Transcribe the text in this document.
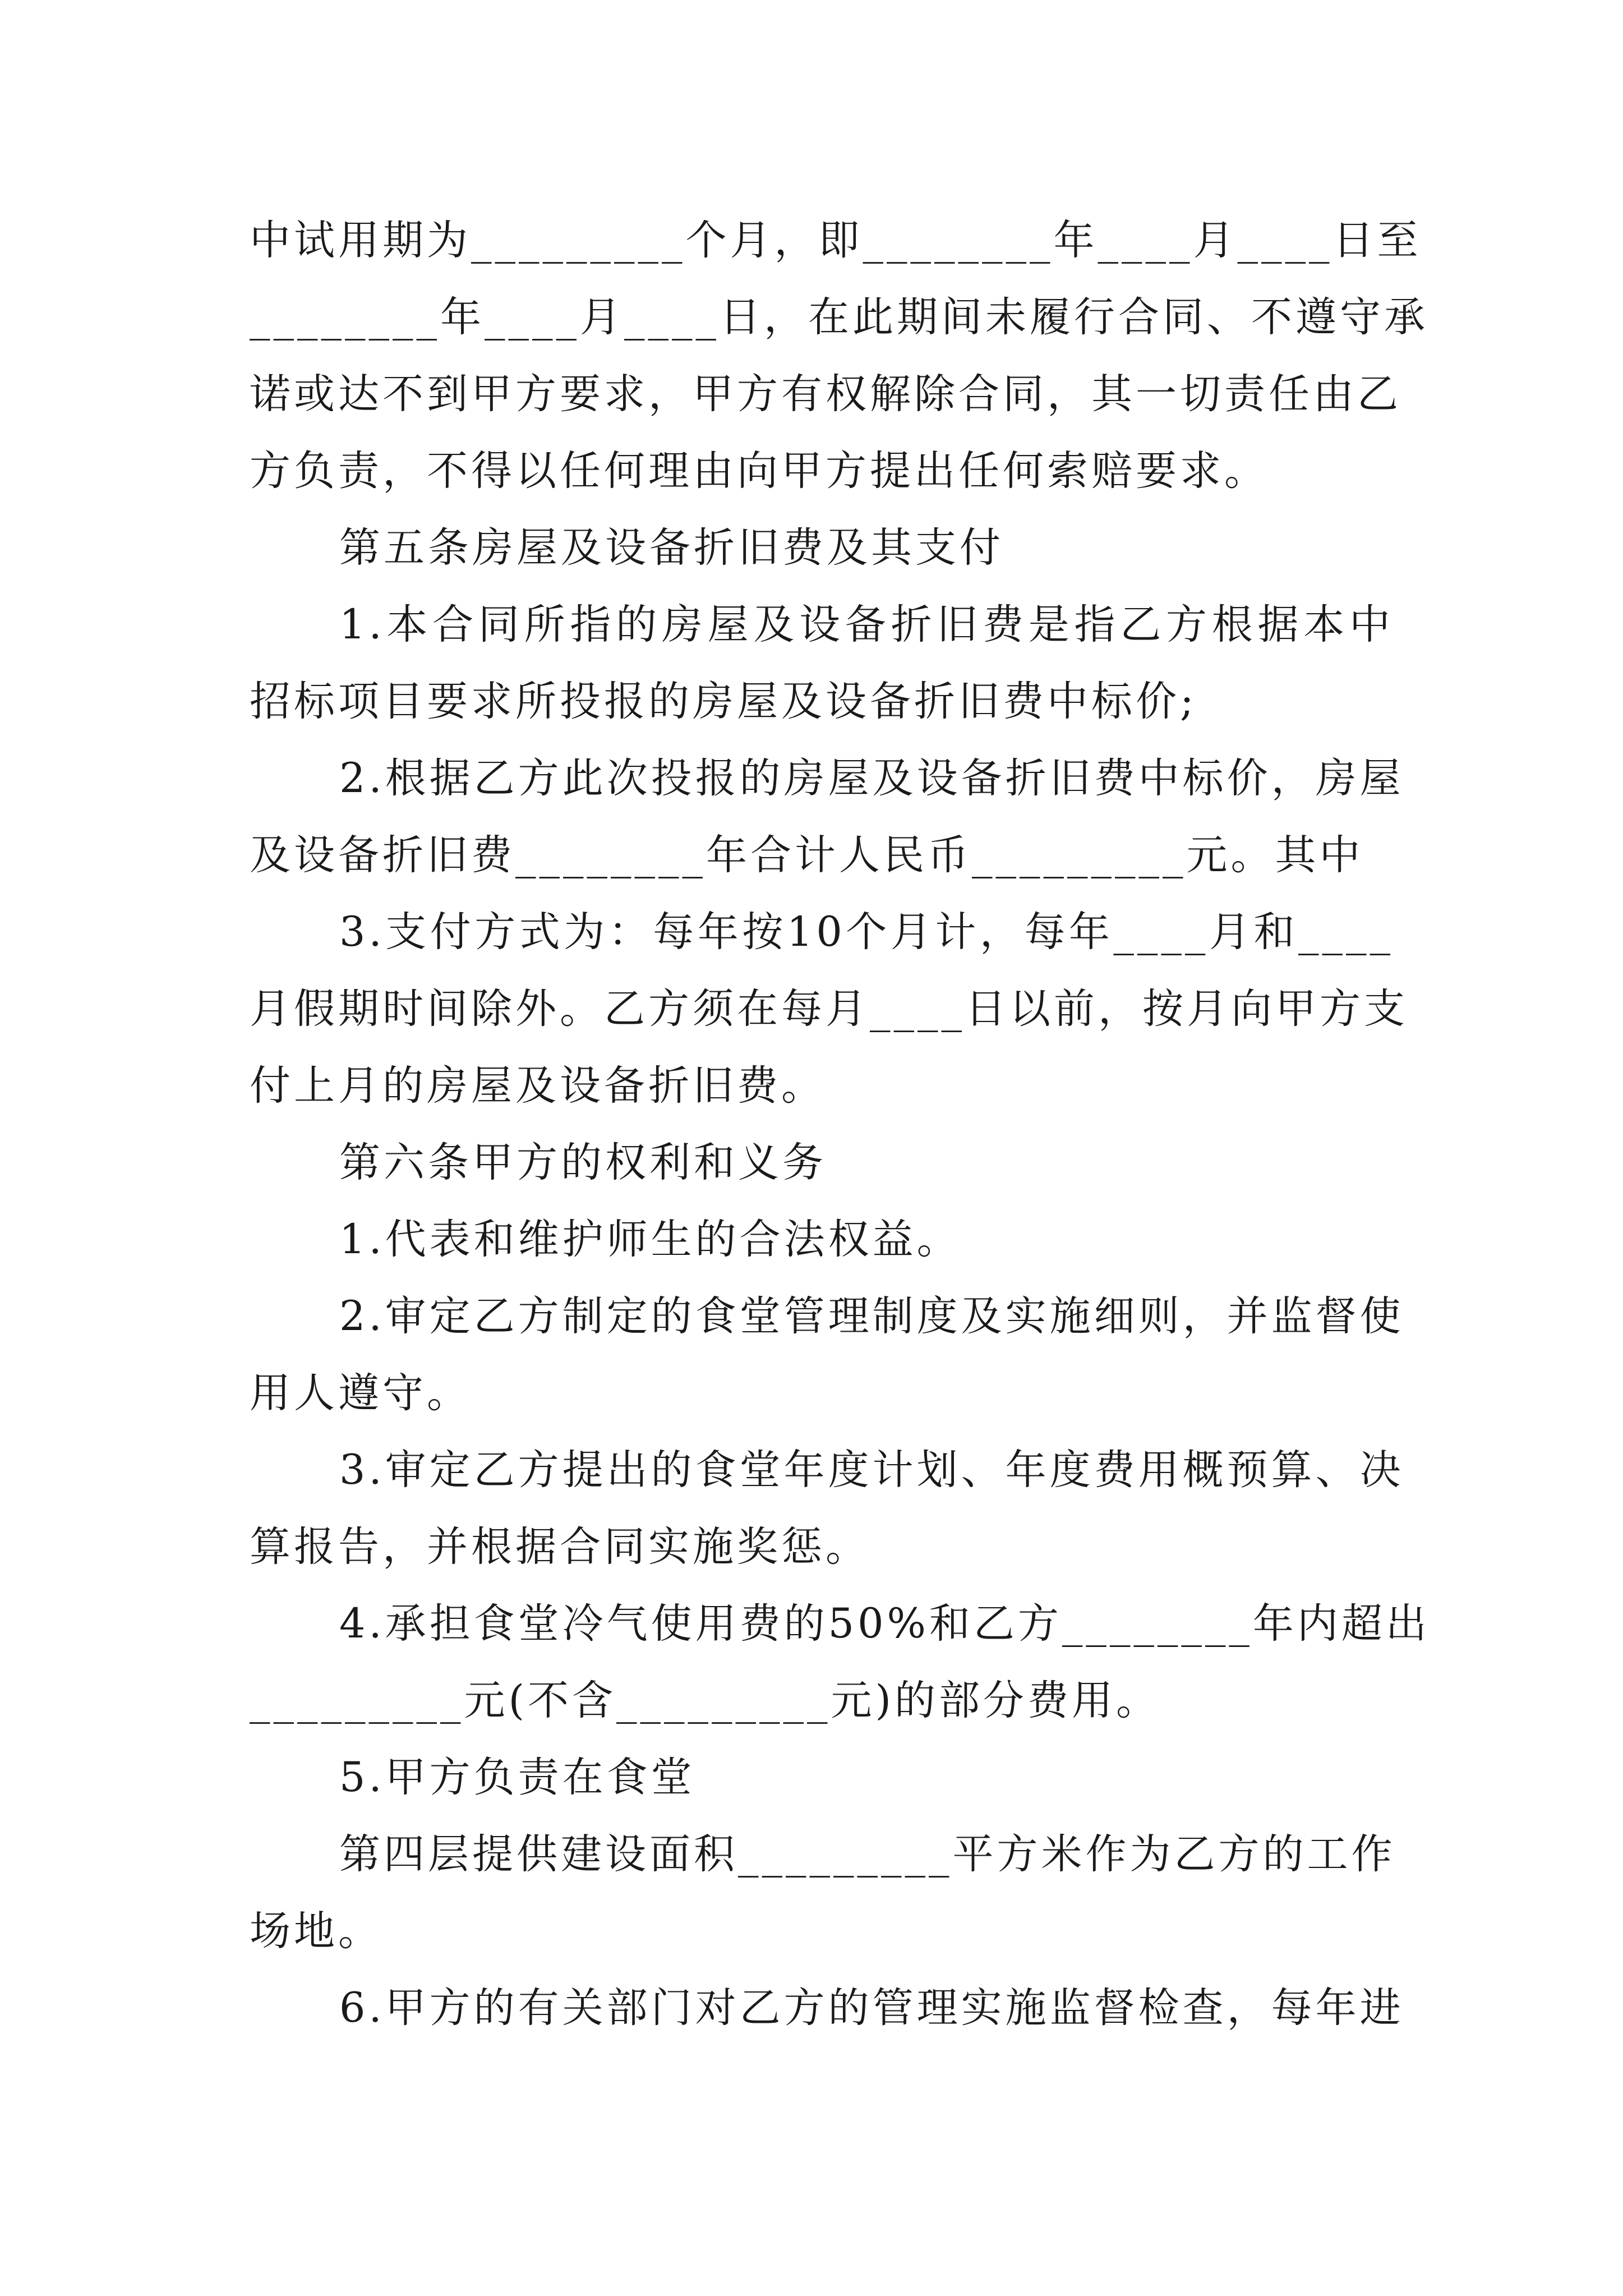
中试用期为_________个月，即________年____月____日至

________年____月____日，在此期间未履行合同、不遵守承

诺或达不到甲方要求，甲方有权解除合同，其一切责任由乙

方负责，不得以任何理由向甲方提出任何索赔要求。

第五条房屋及设备折旧费及其支付

1.本合同所指的房屋及设备折旧费是指乙方根据本中

招标项目要求所投报的房屋及设备折旧费中标价;

2.根据乙方此次投报的房屋及设备折旧费中标价，房屋

及设备折旧费________年合计人民币_________元。其中

3.支付方式为：每年按10个月计，每年____月和____

月假期时间除外。乙方须在每月____日以前，按月向甲方支

付上月的房屋及设备折旧费。

第六条甲方的权利和义务

1.代表和维护师生的合法权益。

2.审定乙方制定的食堂管理制度及实施细则，并监督使

用人遵守。

3.审定乙方提出的食堂年度计划、年度费用概预算、决

算报告，并根据合同实施奖惩。

4.承担食堂冷气使用费的50%和乙方________年内超出

_________元(不含_________元)的部分费用。

5.甲方负责在食堂

第四层提供建设面积_________平方米作为乙方的工作

场地。

6.甲方的有关部门对乙方的管理实施监督检查，每年进
